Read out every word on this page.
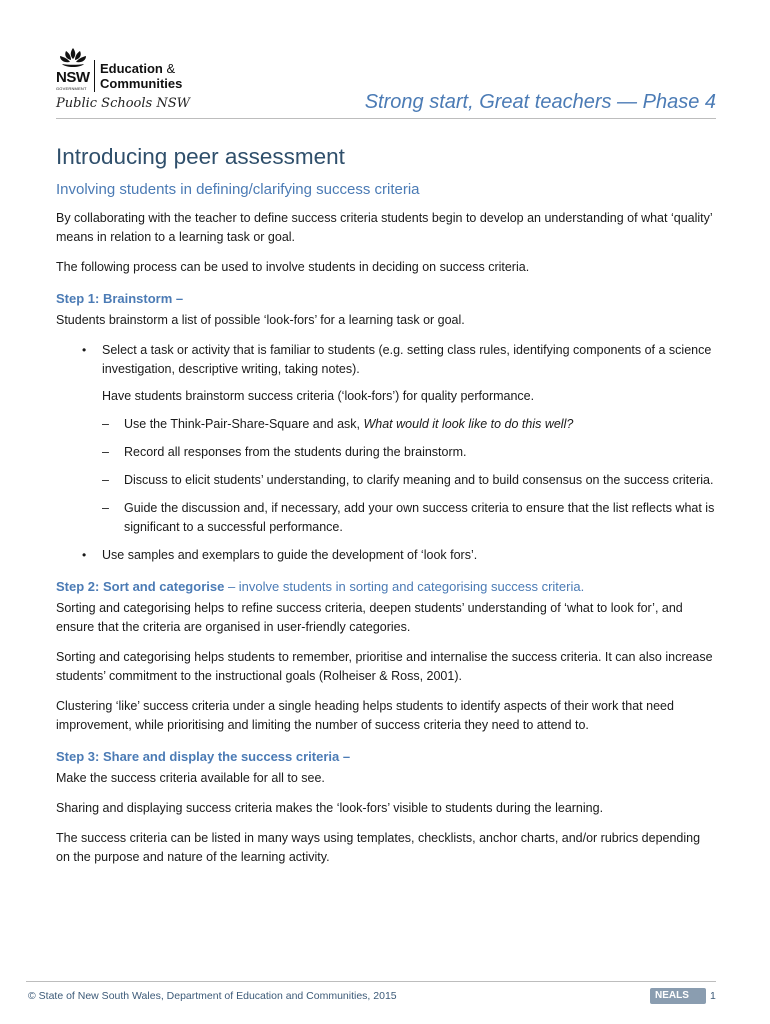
NSW
GOVERNMENT
Education &
Communities
Public Schools NSW	Strong start, Great teachers — Phase 4
Introducing peer assessment
Involving students in defining/clarifying success criteria

By collaborating with the teacher to define success criteria students begin to develop an understanding of what ‘quality’ means in relation to a learning task or goal.

The following process can be used to involve students in deciding on success criteria.

Step 1: Brainstorm –

Students brainstorm a list of possible ‘look-fors’ for a learning task or goal.

• Select a task or activity that is familiar to students (e.g. setting class rules, identifying components of a science investigation, descriptive writing, taking notes).
Have students brainstorm success criteria (‘look-fors’) for quality performance.
– Use the Think-Pair-Share-Square and ask, What would it look like to do this well?
– Record all responses from the students during the brainstorm.
– Discuss to elicit students’ understanding, to clarify meaning and to build consensus on the success criteria.
– Guide the discussion and, if necessary, add your own success criteria to ensure that the list reflects what is significant to a successful performance.
• Use samples and exemplars to guide the development of ‘look fors’.
Step 2: Sort and categorise – involve students in sorting and categorising success criteria.

Sorting and categorising helps to refine success criteria, deepen students’ understanding of ‘what to look for’, and ensure that the criteria are organised in user-friendly categories.

Sorting and categorising helps students to remember, prioritise and internalise the success criteria. It can also increase students’ commitment to the instructional goals (Rolheiser & Ross, 2001).

Clustering ‘like’ success criteria under a single heading helps students to identify aspects of their work that need improvement, while prioritising and limiting the number of success criteria they need to attend to.

Step 3: Share and display the success criteria –

Make the success criteria available for all to see.

Sharing and displaying success criteria makes the ‘look-fors’ visible to students during the learning.

The success criteria can be listed in many ways using templates, checklists, anchor charts, and/or rubrics depending on the purpose and nature of the learning activity.

© State of New South Wales, Department of Education and Communities, 2015	NEALS ☾ 1
